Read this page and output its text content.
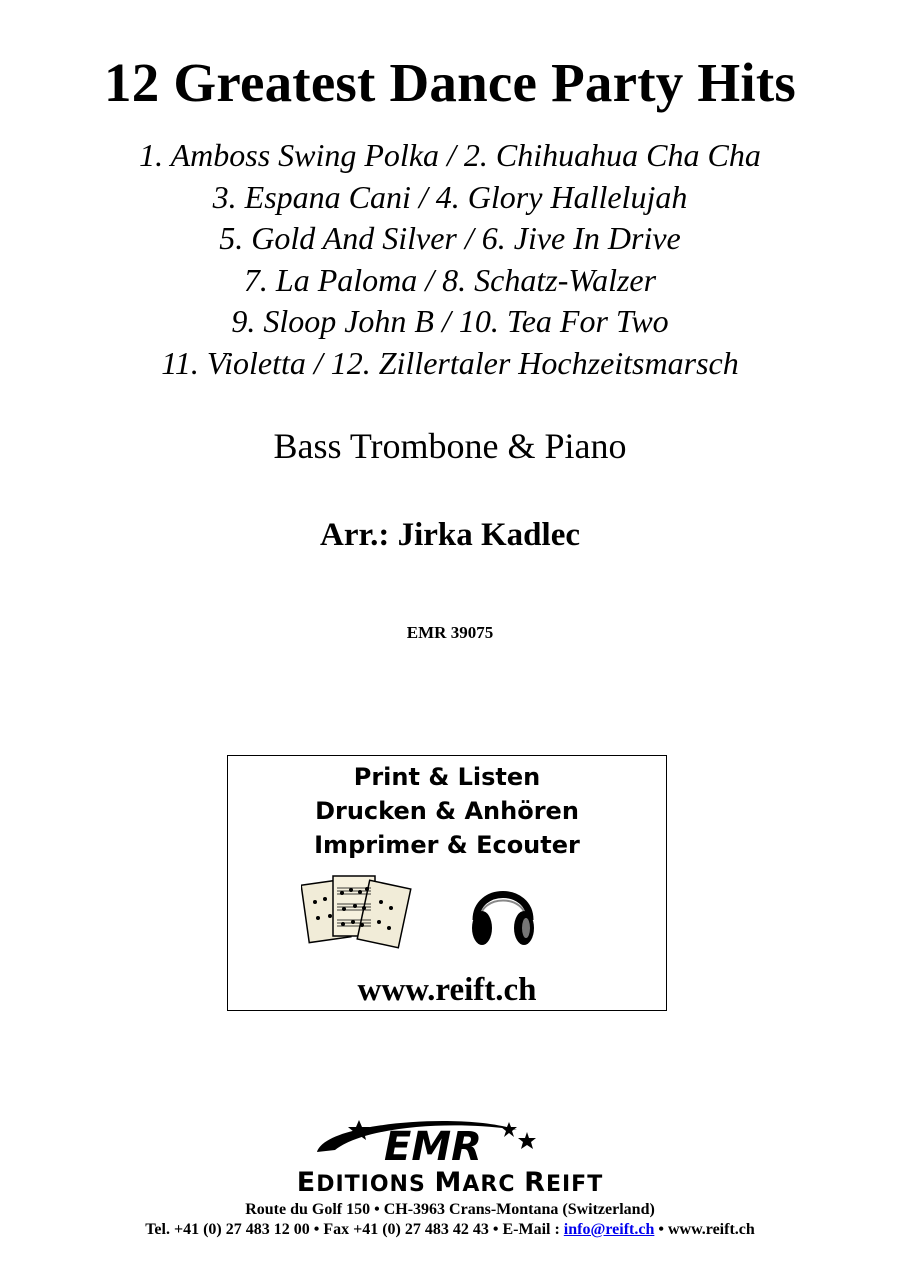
12 Greatest Dance Party Hits
1. Amboss Swing Polka / 2. Chihuahua Cha Cha
3. Espana Cani / 4. Glory Hallelujah
5. Gold And Silver / 6. Jive In Drive
7. La Paloma / 8. Schatz-Walzer
9. Sloop John B / 10. Tea For Two
11. Violetta / 12. Zillertaler Hochzeitsmarsch
Bass Trombone & Piano
Arr.: Jirka Kadlec
EMR 39075
Print & Listen
Drucken & Anhören
Imprimer & Ecouter
www.reift.ch
EMR
EDITIONS MARC REIFT
Route du Golf 150 • CH-3963 Crans-Montana (Switzerland)
Tel. +41 (0) 27 483 12 00 • Fax +41 (0) 27 483 42 43 • E-Mail : info@reift.ch • www.reift.ch
